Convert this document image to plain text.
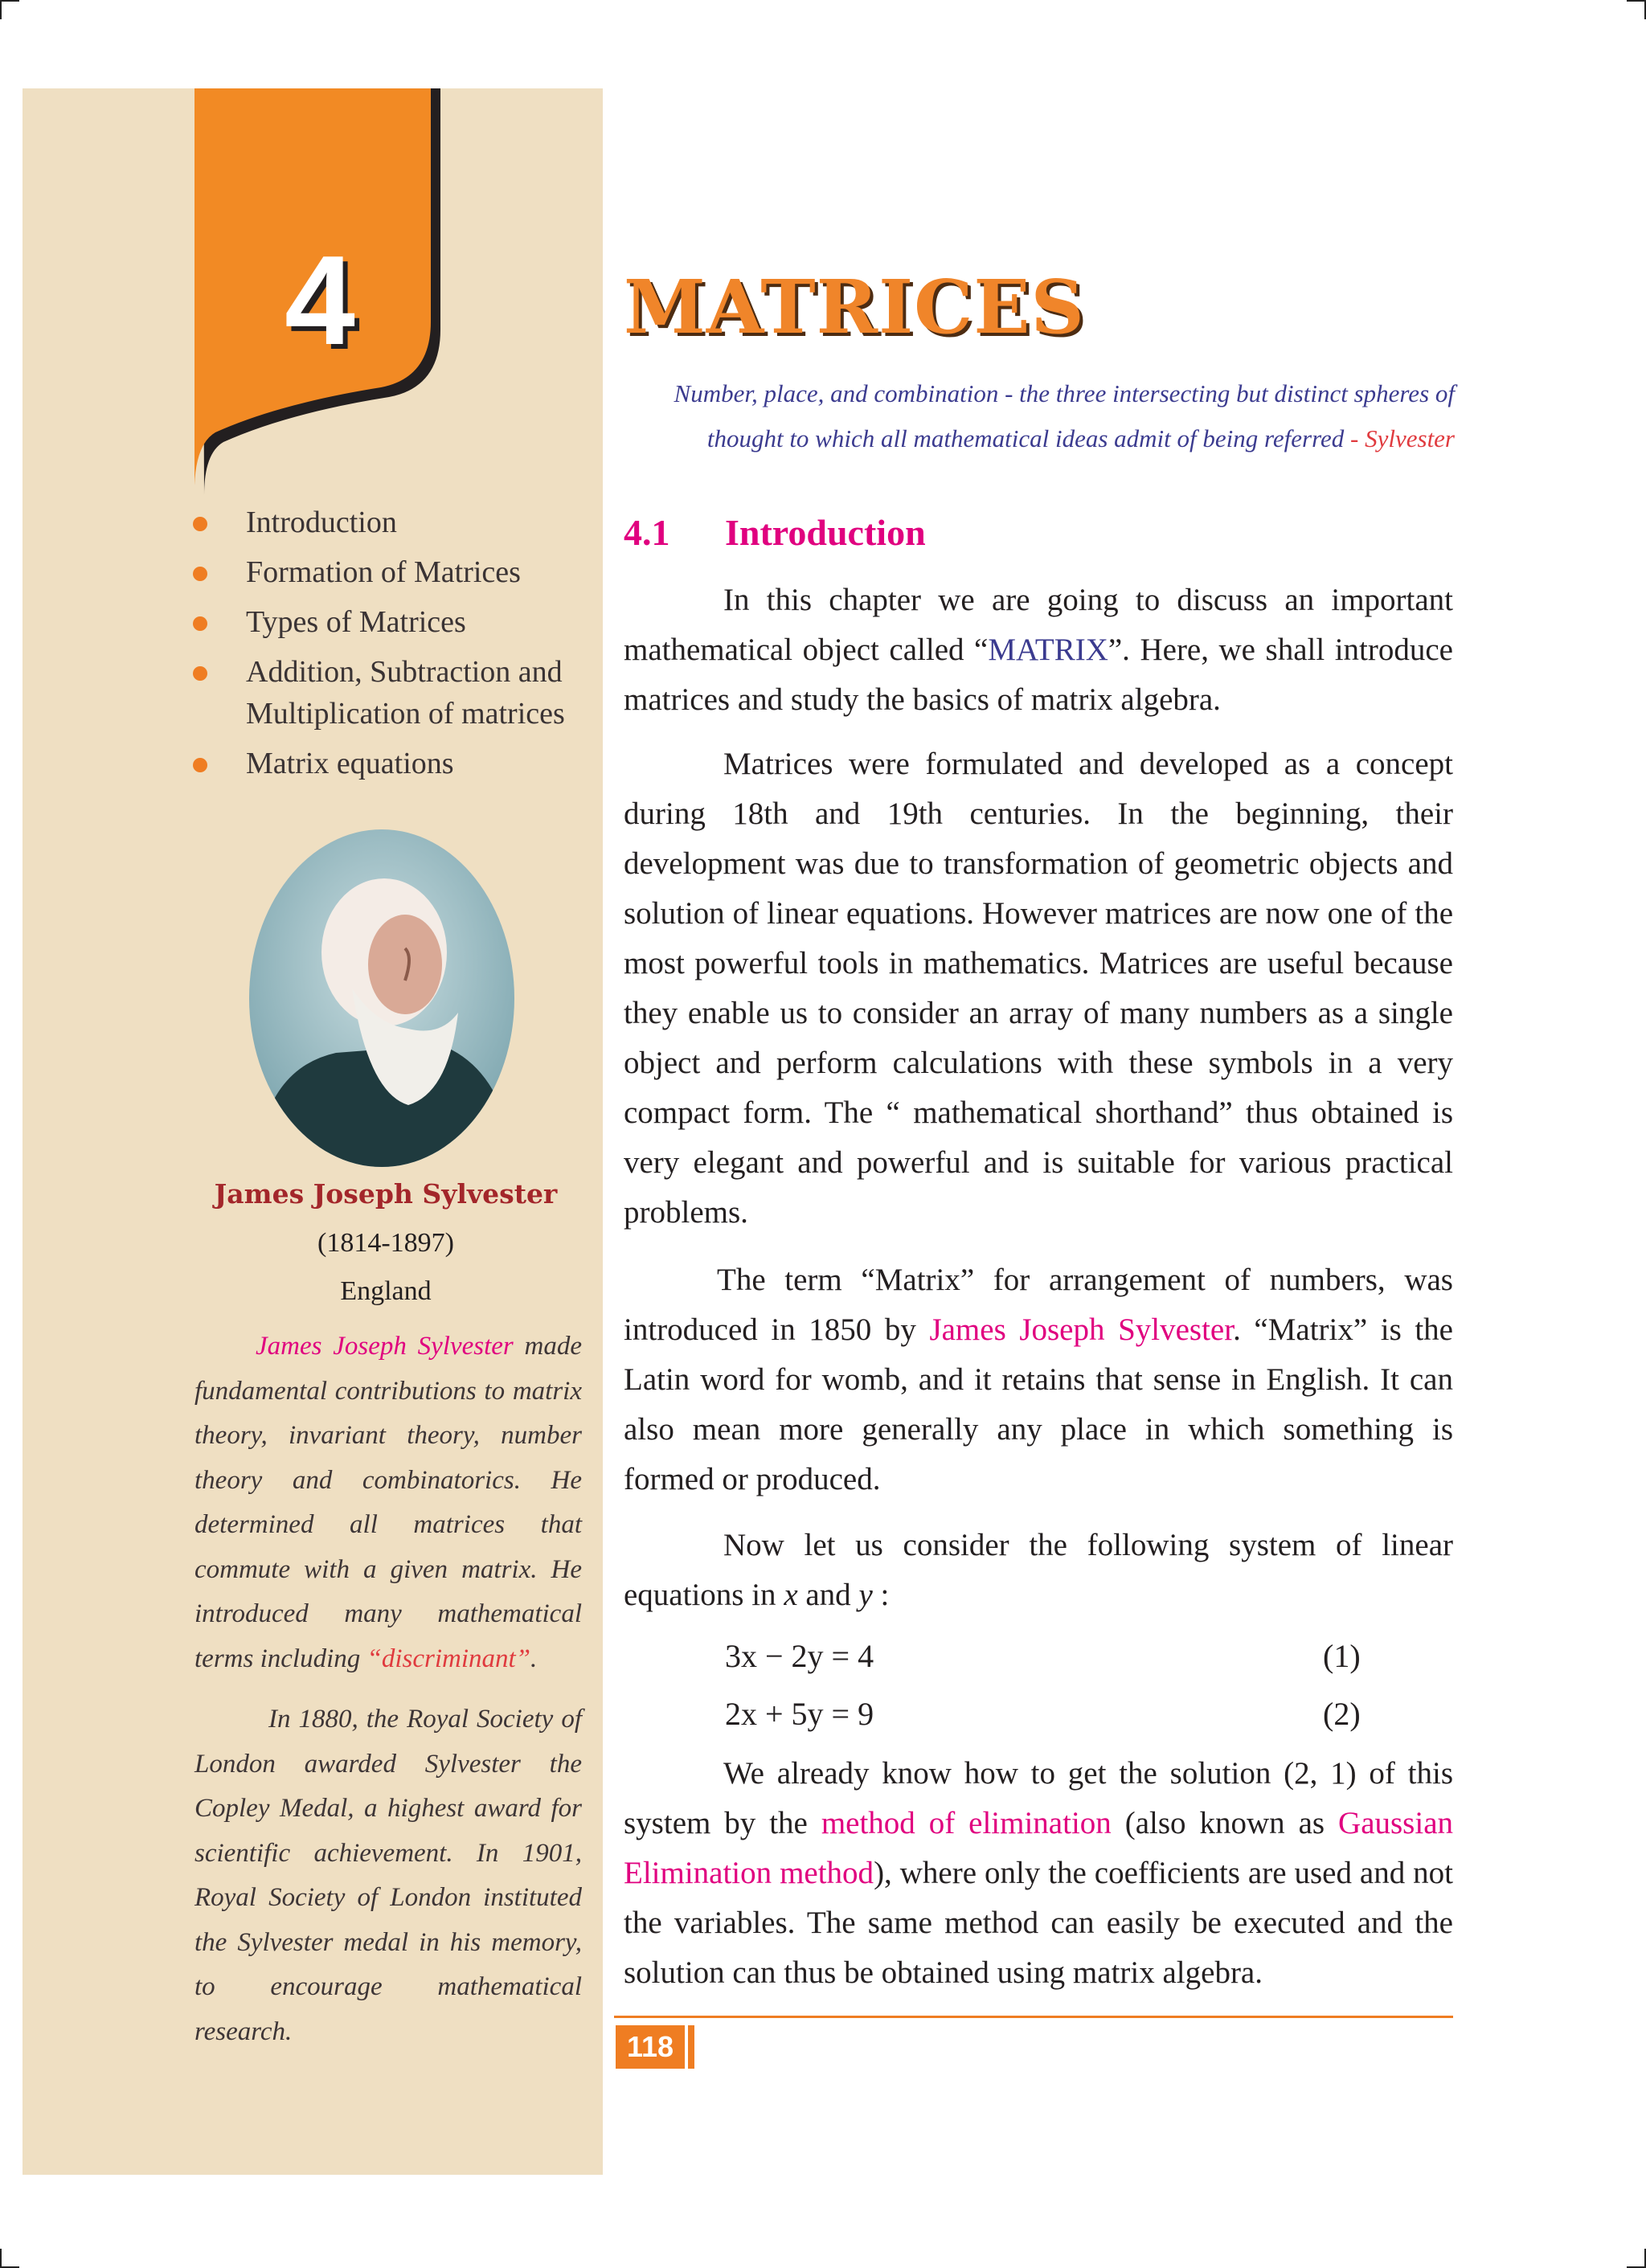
4
Introduction
Formation of Matrices
Types of Matrices
Addition, Subtraction and Multiplication of matrices
Matrix equations
James Joseph Sylvester
(1814-1897)
England
James Joseph Sylvester made fundamental contributions to matrix theory, invariant theory, number theory and combinatorics. He determined all matrices that commute with a given matrix. He introduced many mathematical terms including “discriminant”.
In 1880, the Royal Society of London awarded Sylvester the Copley Medal, a highest award for scientific achievement. In 1901, Royal Society of London instituted the Sylvester medal in his memory, to encourage mathematical research.
MATRICES
Number, place, and combination - the three intersecting but distinct spheres of
thought to which all mathematical ideas admit of being referred - Sylvester
4.1 Introduction
In this chapter we are going to discuss an important mathematical object called “MATRIX”. Here, we shall introduce matrices and study the basics of matrix algebra.
Matrices were formulated and developed as a concept during 18th and 19th centuries. In the beginning, their development was due to transformation of geometric objects and solution of linear equations. However matrices are now one of the most powerful tools in mathematics. Matrices are useful because they enable us to consider an array of many numbers as a single object and perform calculations with these symbols in a very compact form. The “ mathematical shorthand” thus obtained is very elegant and powerful and is suitable for various practical problems.
The term “Matrix” for arrangement of numbers, was introduced in 1850 by James Joseph Sylvester. “Matrix” is the Latin word for womb, and it retains that sense in English. It can also mean more generally any place in which something is formed or produced.
Now let us consider the following system of linear equations in x and y :
3x − 2y = 4	(1)
2x + 5y = 9	(2)
We already know how to get the solution (2, 1) of this system by the method of elimination (also known as Gaussian Elimination method), where only the coefficients are used and not the variables. The same method can easily be executed and the solution can thus be obtained using matrix algebra.
118
